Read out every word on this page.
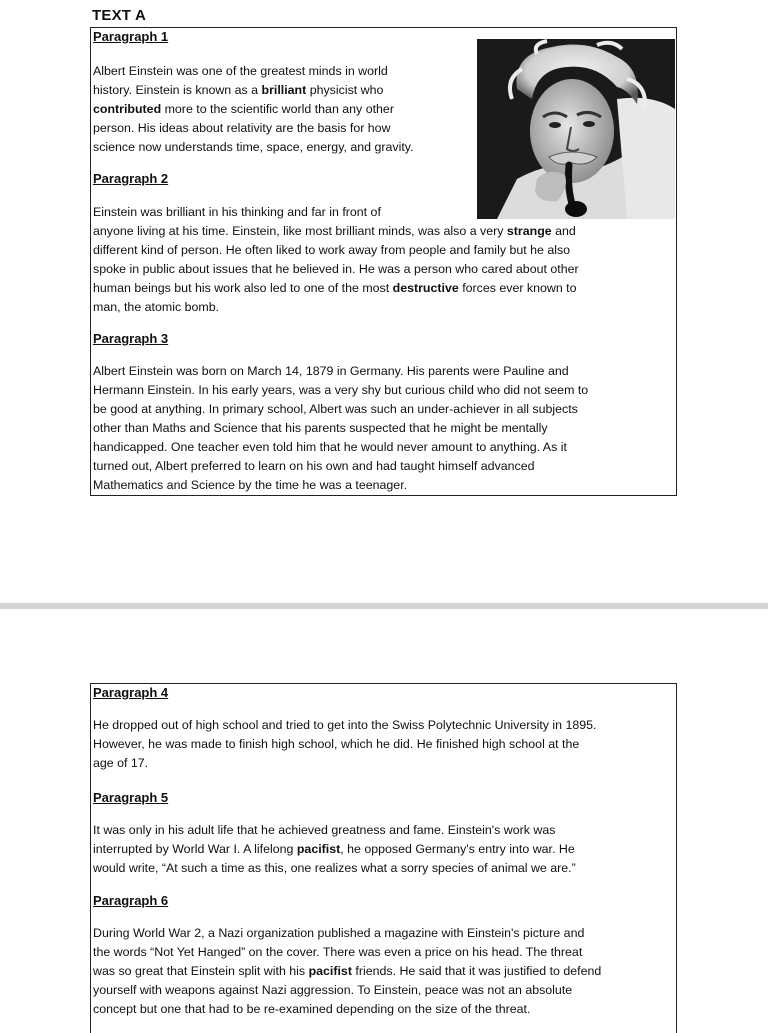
TEXT A
Paragraph 1
Albert Einstein was one of the greatest minds in world
history. Einstein is known as a brilliant physicist who
contributed more to the scientific world than any other
person. His ideas about relativity are the basis for how
science now understands time, space, energy, and gravity.
Paragraph 2
Einstein was brilliant in his thinking and far in front of
anyone living at his time. Einstein, like most brilliant minds, was also a very strange and
different kind of person. He often liked to work away from people and family but he also
spoke in public about issues that he believed in. He was a person who cared about other
human beings but his work also led to one of the most destructive forces ever known to
man, the atomic bomb.
Paragraph 3
Albert Einstein was born on March 14, 1879 in Germany. His parents were Pauline and
Hermann Einstein. In his early years, was a very shy but curious child who did not seem to
be good at anything. In primary school, Albert was such an under-achiever in all subjects
other than Maths and Science that his parents suspected that he might be mentally
handicapped. One teacher even told him that he would never amount to anything. As it
turned out, Albert preferred to learn on his own and had taught himself advanced
Mathematics and Science by the time he was a teenager.
Paragraph 4
He dropped out of high school and tried to get into the Swiss Polytechnic University in 1895.
However, he was made to finish high school, which he did. He finished high school at the
age of 17.
Paragraph 5
It was only in his adult life that he achieved greatness and fame. Einstein's work was
interrupted by World War I. A lifelong pacifist, he opposed Germany's entry into war. He
would write, “At such a time as this, one realizes what a sorry species of animal we are.”
Paragraph 6
During World War 2, a Nazi organization published a magazine with Einstein's picture and
the words “Not Yet Hanged” on the cover. There was even a price on his head. The threat
was so great that Einstein split with his pacifist friends. He said that it was justified to defend
yourself with weapons against Nazi aggression. To Einstein, peace was not an absolute
concept but one that had to be re-examined depending on the size of the threat.
